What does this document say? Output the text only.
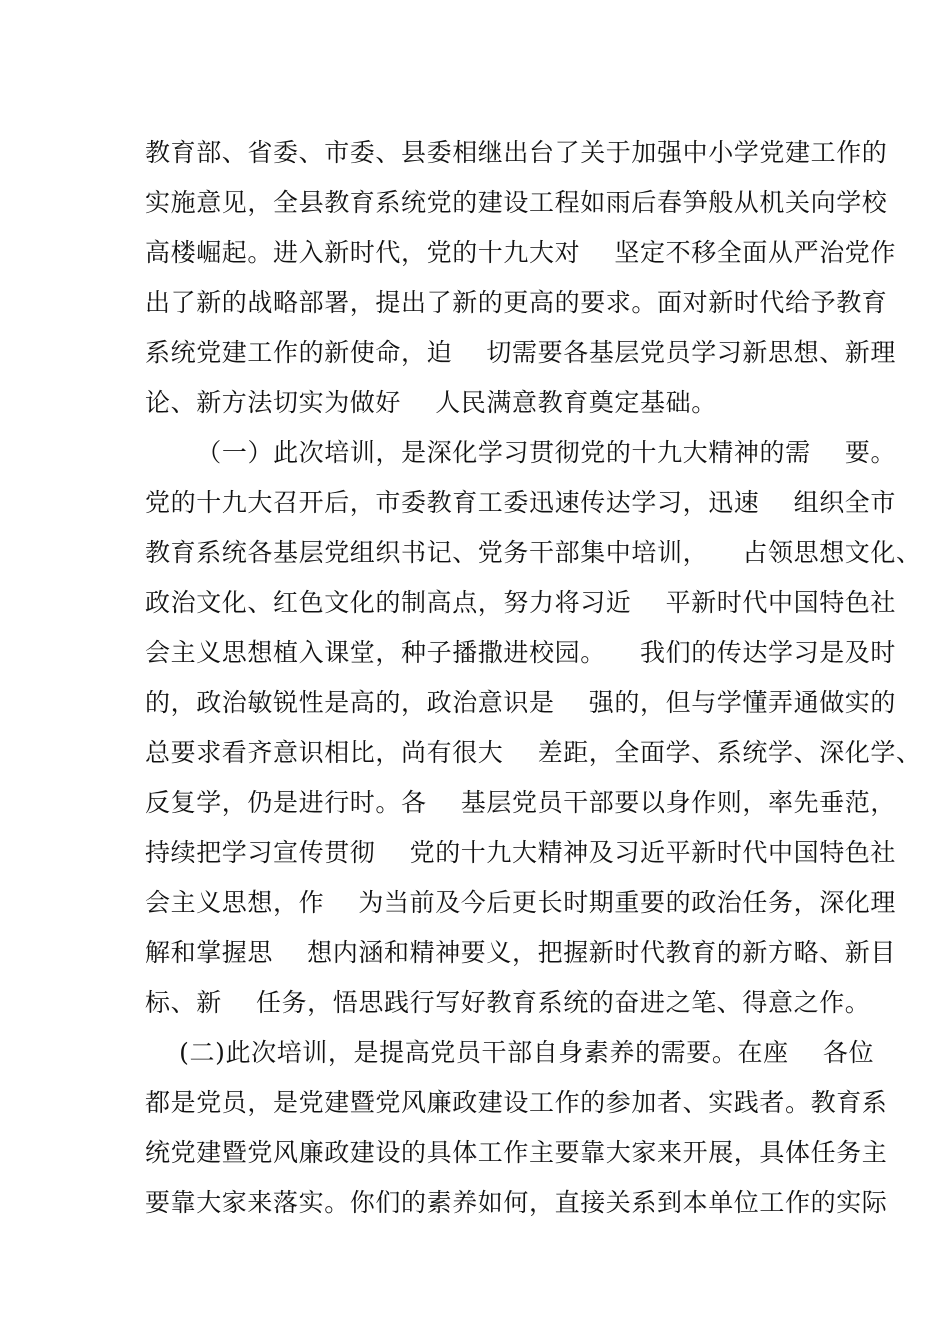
教育部、省委、市委、县委相继出台了关于加强中小学党建工作的
实施意见，全县教育系统党的建设工程如雨后春笋般从机关向学校
高楼崛起。进入新时代，党的十九大对    坚定不移全面从严治党作
出了新的战略部署，提出了新的更高的要求。面对新时代给予教育
系统党建工作的新使命，迫    切需要各基层党员学习新思想、新理
论、新方法切实为做好    人民满意教育奠定基础。
（一）此次培训，是深化学习贯彻党的十九大精神的需    要。
党的十九大召开后，市委教育工委迅速传达学习，迅速    组织全市
教育系统各基层党组织书记、党务干部集中培训，    占领思想文化、
政治文化、红色文化的制高点，努力将习近    平新时代中国特色社
会主义思想植入课堂，种子播撒进校园。    我们的传达学习是及时
的，政治敏锐性是高的，政治意识是    强的，但与学懂弄通做实的
总要求看齐意识相比，尚有很大    差距，全面学、系统学、深化学、
反复学，仍是进行时。各    基层党员干部要以身作则，率先垂范，
持续把学习宣传贯彻    党的十九大精神及习近平新时代中国特色社
会主义思想，作    为当前及今后更长时期重要的政治任务，深化理
解和掌握思    想内涵和精神要义，把握新时代教育的新方略、新目
标、新    任务，悟思践行写好教育系统的奋进之笔、得意之作。
(二)此次培训，是提高党员干部自身素养的需要。在座    各位
都是党员，是党建暨党风廉政建设工作的参加者、实践者。教育系
统党建暨党风廉政建设的具体工作主要靠大家来开展，具体任务主
要靠大家来落实。你们的素养如何，直接关系到本单位工作的实际
